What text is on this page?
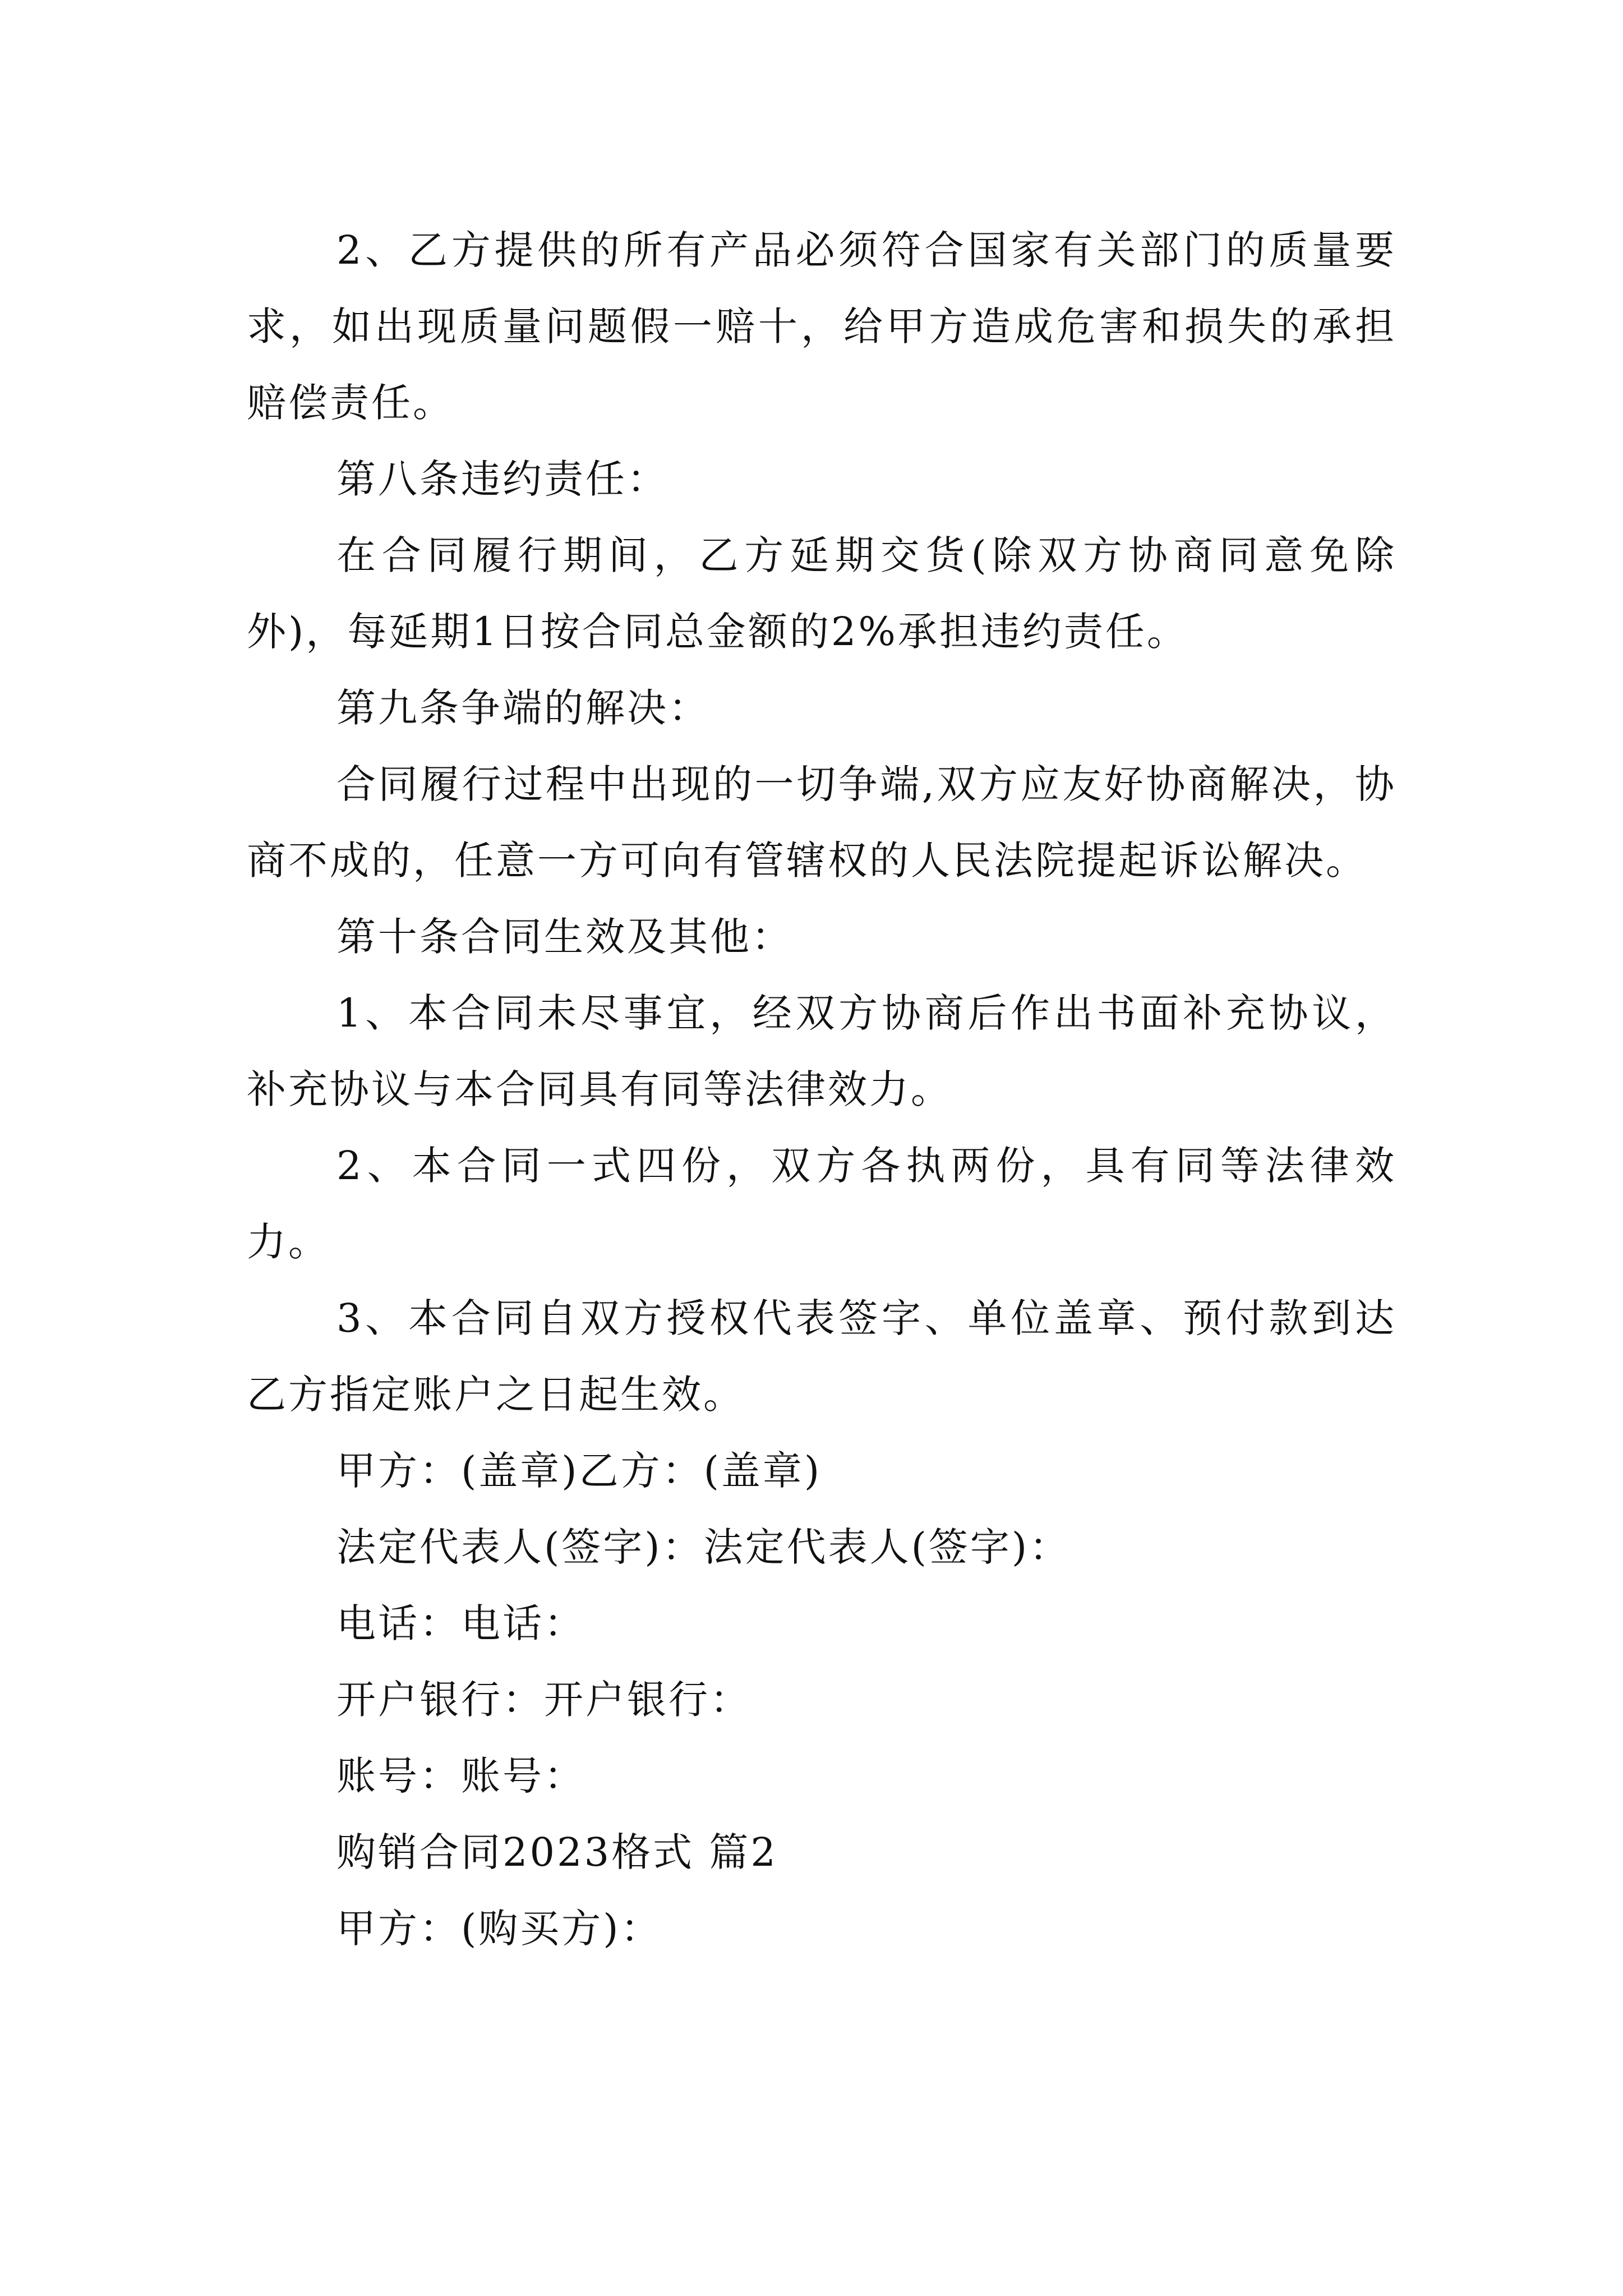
2、乙方提供的所有产品必须符合国家有关部门的质量要求，如出现质量问题假一赔十，给甲方造成危害和损失的承担赔偿责任。

第八条违约责任：

在合同履行期间，乙方延期交货(除双方协商同意免除外)，每延期1日按合同总金额的2%承担违约责任。

第九条争端的解决：

合同履行过程中出现的一切争端,双方应友好协商解决，协商不成的，任意一方可向有管辖权的人民法院提起诉讼解决。

第十条合同生效及其他：

1、本合同未尽事宜，经双方协商后作出书面补充协议，补充协议与本合同具有同等法律效力。

2、本合同一式四份，双方各执两份，具有同等法律效力。

3、本合同自双方授权代表签字、单位盖章、预付款到达乙方指定账户之日起生效。

甲方：(盖章)乙方：(盖章)

法定代表人(签字)：法定代表人(签字)：

电话：电话：

开户银行：开户银行：

账号：账号：

购销合同2023格式 篇2

甲方：(购买方)：
